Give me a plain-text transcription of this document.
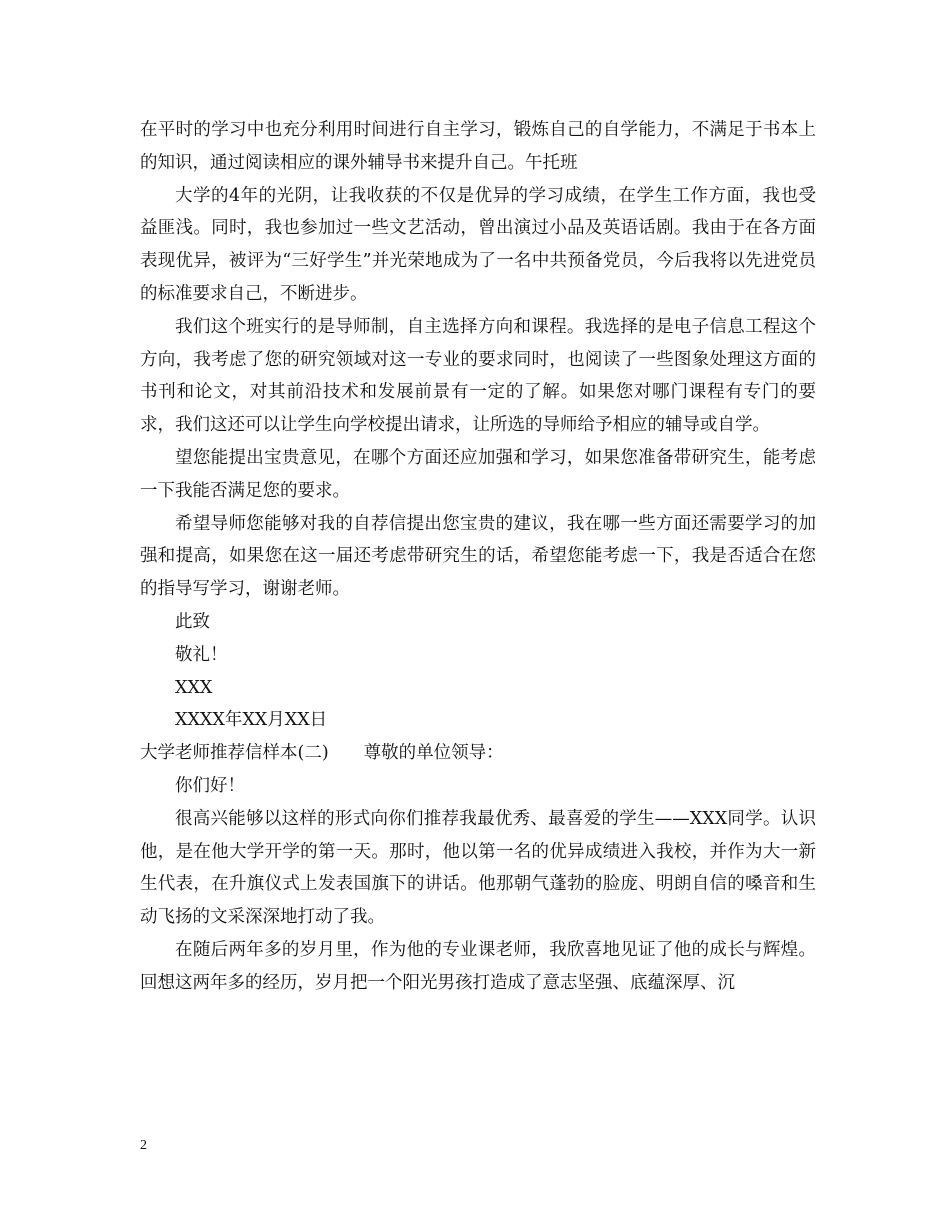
在平时的学习中也充分利用时间进行自主学习，锻炼自己的自学能力，不满足于书本上的知识，通过阅读相应的课外辅导书来提升自己。午托班

大学的4年的光阴，让我收获的不仅是优异的学习成绩，在学生工作方面，我也受益匪浅。同时，我也参加过一些文艺活动，曾出演过小品及英语话剧。我由于在各方面表现优异，被评为“三好学生”并光荣地成为了一名中共预备党员，今后我将以先进党员的标准要求自己，不断进步。

我们这个班实行的是导师制，自主选择方向和课程。我选择的是电子信息工程这个方向，我考虑了您的研究领域对这一专业的要求同时，也阅读了一些图象处理这方面的书刊和论文，对其前沿技术和发展前景有一定的了解。如果您对哪门课程有专门的要求，我们这还可以让学生向学校提出请求，让所选的导师给予相应的辅导或自学。

望您能提出宝贵意见，在哪个方面还应加强和学习，如果您准备带研究生，能考虑一下我能否满足您的要求。

希望导师您能够对我的自荐信提出您宝贵的建议，我在哪一些方面还需要学习的加强和提高，如果您在这一届还考虑带研究生的话，希望您能考虑一下，我是否适合在您的指导写学习，谢谢老师。

此致

敬礼！

XXX

XXXX年XX月XX日

大学老师推荐信样本(二)　　尊敬的单位领导：

你们好！

很高兴能够以这样的形式向你们推荐我最优秀、最喜爱的学生——XXX同学。认识他，是在他大学开学的第一天。那时，他以第一名的优异成绩进入我校，并作为大一新生代表，在升旗仪式上发表国旗下的讲话。他那朝气蓬勃的脸庞、明朗自信的嗓音和生动飞扬的文采深深地打动了我。

在随后两年多的岁月里，作为他的专业课老师，我欣喜地见证了他的成长与辉煌。回想这两年多的经历，岁月把一个阳光男孩打造成了意志坚强、底蕴深厚、沉

2
